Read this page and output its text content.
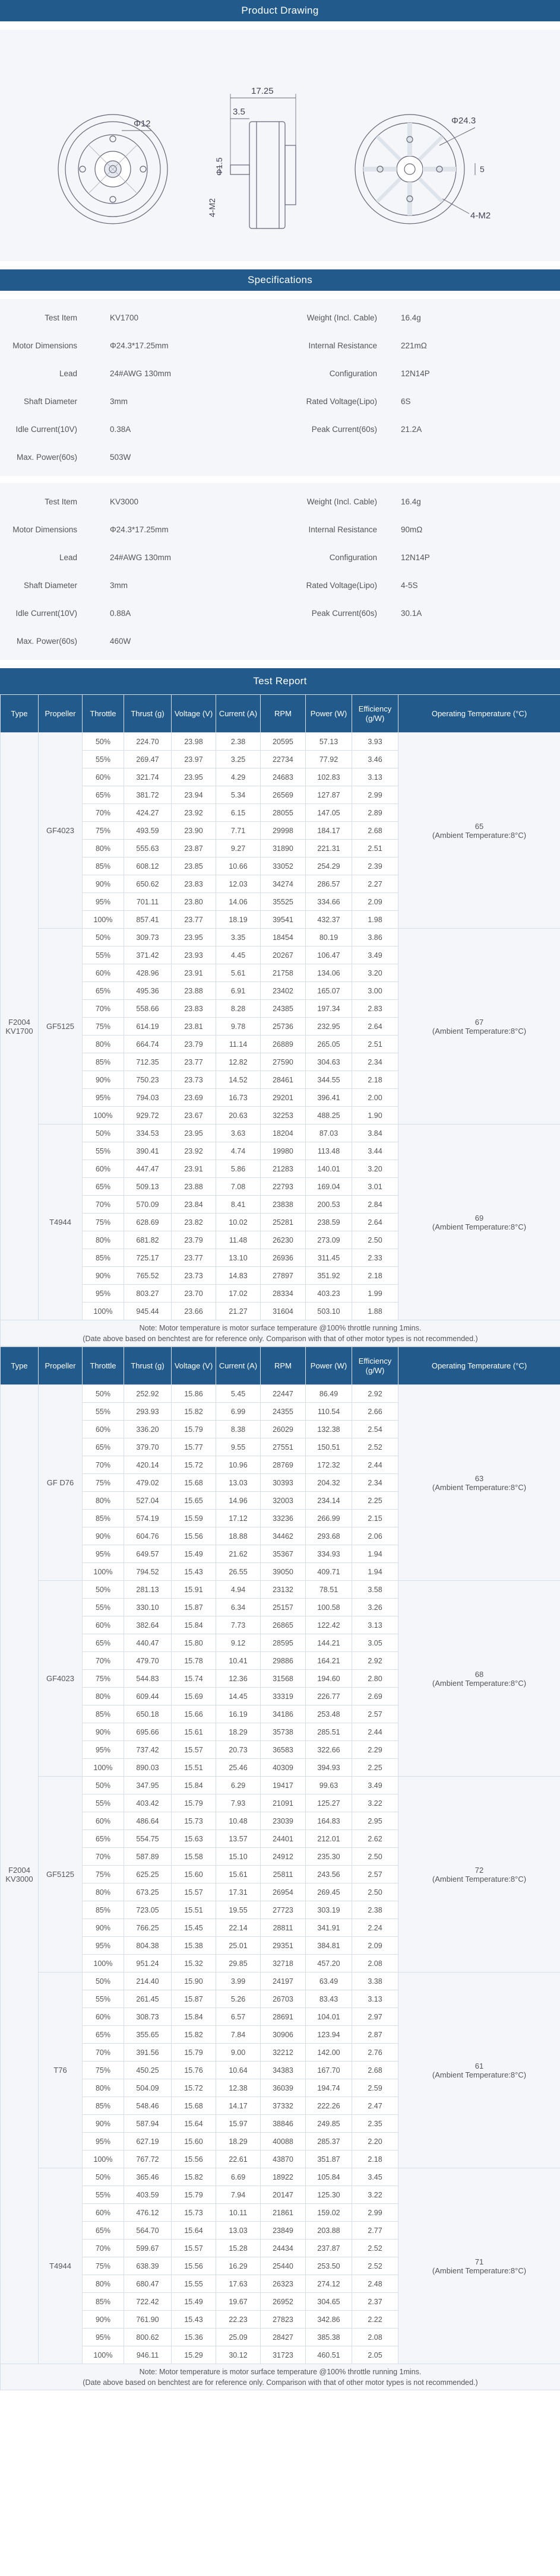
Product Drawing
Φ12
17.25
3.5
Φ1.5
4-M2
Φ24.3
5
4-M2
Specifications
Test Item	KV1700	Weight (Incl. Cable)	16.4g
Motor Dimensions	Φ24.3*17.25mm	Internal Resistance	221mΩ
Lead	24#AWG 130mm	Configuration	12N14P
Shaft Diameter	3mm	Rated Voltage(Lipo)	6S
Idle Current(10V)	0.38A	Peak Current(60s)	21.2A
Max. Power(60s)	503W
Test Item	KV3000	Weight (Incl. Cable)	16.4g
Motor Dimensions	Φ24.3*17.25mm	Internal Resistance	90mΩ
Lead	24#AWG 130mm	Configuration	12N14P
Shaft Diameter	3mm	Rated Voltage(Lipo)	4-5S
Idle Current(10V)	0.88A	Peak Current(60s)	30.1A
Max. Power(60s)	460W
Test Report
Type	Propeller	Throttle	Thrust (g)	Voltage (V)	Current (A)	RPM	Power (W)	Efficiency (g/W)	Operating Temperature (°C)
F2004 KV1700	GF4023	50%	224.70	23.98	2.38	20595	57.13	3.93	65
(Ambient Temperature:8°C)

		55%	269.47	23.97	3.25	22734	77.92	3.46	
		60%	321.74	23.95	4.29	24683	102.83	3.13	
		65%	381.72	23.94	5.34	26569	127.87	2.99	
		70%	424.27	23.92	6.15	28055	147.05	2.89	
		75%	493.59	23.90	7.71	29998	184.17	2.68	
		80%	555.63	23.87	9.27	31890	221.31	2.51	
		85%	608.12	23.85	10.66	33052	254.29	2.39	
		90%	650.62	23.83	12.03	34274	286.57	2.27	
		95%	701.11	23.80	14.06	35525	334.66	2.09	
		100%	857.41	23.77	18.19	39541	432.37	1.98	
	GF5125	50%	309.73	23.95	3.35	18454	80.19	3.86	67
(Ambient Temperature:8°C)

		55%	371.42	23.93	4.45	20267	106.47	3.49	
		60%	428.96	23.91	5.61	21758	134.06	3.20	
		65%	495.36	23.88	6.91	23402	165.07	3.00	
		70%	558.66	23.83	8.28	24385	197.34	2.83	
		75%	614.19	23.81	9.78	25736	232.95	2.64	
		80%	664.74	23.79	11.14	26889	265.05	2.51	
		85%	712.35	23.77	12.82	27590	304.63	2.34	
		90%	750.23	23.73	14.52	28461	344.55	2.18	
		95%	794.03	23.69	16.73	29201	396.41	2.00	
		100%	929.72	23.67	20.63	32253	488.25	1.90	
	T4944	50%	334.53	23.95	3.63	18204	87.03	3.84	69
(Ambient Temperature:8°C)

		55%	390.41	23.92	4.74	19980	113.48	3.44	
		60%	447.47	23.91	5.86	21283	140.01	3.20	
		65%	509.13	23.88	7.08	22793	169.04	3.01	
		70%	570.09	23.84	8.41	23838	200.53	2.84	
		75%	628.69	23.82	10.02	25281	238.59	2.64	
		80%	681.82	23.79	11.48	26230	273.09	2.50	
		85%	725.17	23.77	13.10	26936	311.45	2.33	
		90%	765.52	23.73	14.83	27897	351.92	2.18	
		95%	803.27	23.70	17.02	28334	403.23	1.99	
		100%	945.44	23.66	21.27	31604	503.10	1.88	

Note: Motor temperature is motor surface temperature @100% throttle running 1mins.
(Date above based on benchtest are for reference only. Comparison with that of other motor types is not recommended.)									
Type	Propeller	Throttle	Thrust (g)	Voltage (V)	Current (A)	RPM	Power (W)	Efficiency (g/W)	Operating Temperature (°C)
F2004 KV3000	GF D76	50%	252.92	15.86	5.45	22447	86.49	2.92	63
(Ambient Temperature:8°C)

		55%	293.93	15.82	6.99	24355	110.54	2.66	
		60%	336.20	15.79	8.38	26029	132.38	2.54	
		65%	379.70	15.77	9.55	27551	150.51	2.52	
		70%	420.14	15.72	10.96	28769	172.32	2.44	
		75%	479.02	15.68	13.03	30393	204.32	2.34	
		80%	527.04	15.65	14.96	32003	234.14	2.25	
		85%	574.19	15.59	17.12	33236	266.99	2.15	
		90%	604.76	15.56	18.88	34462	293.68	2.06	
		95%	649.57	15.49	21.62	35367	334.93	1.94	
		100%	794.52	15.43	26.55	39050	409.71	1.94	
	GF4023	50%	281.13	15.91	4.94	23132	78.51	3.58	68
(Ambient Temperature:8°C)

		55%	330.10	15.87	6.34	25157	100.58	3.26	
		60%	382.64	15.84	7.73	26865	122.42	3.13	
		65%	440.47	15.80	9.12	28595	144.21	3.05	
		70%	479.70	15.78	10.41	29886	164.21	2.92	
		75%	544.83	15.74	12.36	31568	194.60	2.80	
		80%	609.44	15.69	14.45	33319	226.77	2.69	
		85%	650.18	15.66	16.19	34186	253.48	2.57	
		90%	695.66	15.61	18.29	35738	285.51	2.44	
		95%	737.42	15.57	20.73	36583	322.66	2.29	
		100%	890.03	15.51	25.46	40309	394.93	2.25	
	GF5125	50%	347.95	15.84	6.29	19417	99.63	3.49	72
(Ambient Temperature:8°C)

		55%	403.42	15.79	7.93	21091	125.27	3.22	
		60%	486.64	15.73	10.48	23039	164.83	2.95	
		65%	554.75	15.63	13.57	24401	212.01	2.62	
		70%	587.89	15.58	15.10	24912	235.30	2.50	
		75%	625.25	15.60	15.61	25811	243.56	2.57	
		80%	673.25	15.57	17.31	26954	269.45	2.50	
		85%	723.05	15.51	19.55	27723	303.19	2.38	
		90%	766.25	15.45	22.14	28811	341.91	2.24	
		95%	804.38	15.38	25.01	29351	384.81	2.09	
		100%	951.24	15.32	29.85	32718	457.20	2.08	
	T76	50%	214.40	15.90	3.99	24197	63.49	3.38	61
(Ambient Temperature:8°C)

		55%	261.45	15.87	5.26	26703	83.43	3.13	
		60%	308.73	15.84	6.57	28691	104.01	2.97	
		65%	355.65	15.82	7.84	30906	123.94	2.87	
		70%	391.56	15.79	9.00	32212	142.00	2.76	
		75%	450.25	15.76	10.64	34383	167.70	2.68	
		80%	504.09	15.72	12.38	36039	194.74	2.59	
		85%	548.46	15.68	14.17	37332	222.26	2.47	
		90%	587.94	15.64	15.97	38846	249.85	2.35	
		95%	627.19	15.60	18.29	40088	285.37	2.20	
		100%	767.72	15.56	22.61	43870	351.87	2.18	
	T4944	50%	365.46	15.82	6.69	18922	105.84	3.45	71
(Ambient Temperature:8°C)

		55%	403.59	15.79	7.94	20147	125.30	3.22	
		60%	476.12	15.73	10.11	21861	159.02	2.99	
		65%	564.70	15.64	13.03	23849	203.88	2.77	
		70%	599.67	15.57	15.28	24434	237.87	2.52	
		75%	638.39	15.56	16.29	25440	253.50	2.52	
		80%	680.47	15.55	17.63	26323	274.12	2.48	
		85%	722.42	15.49	19.67	26952	304.65	2.37	
		90%	761.90	15.43	22.23	27823	342.86	2.22	
		95%	800.62	15.36	25.09	28427	385.38	2.08	
		100%	946.11	15.29	30.12	31723	460.51	2.05	

Note: Motor temperature is motor surface temperature @100% throttle running 1mins.
(Date above based on benchtest are for reference only. Comparison with that of other motor types is not recommended.)									
